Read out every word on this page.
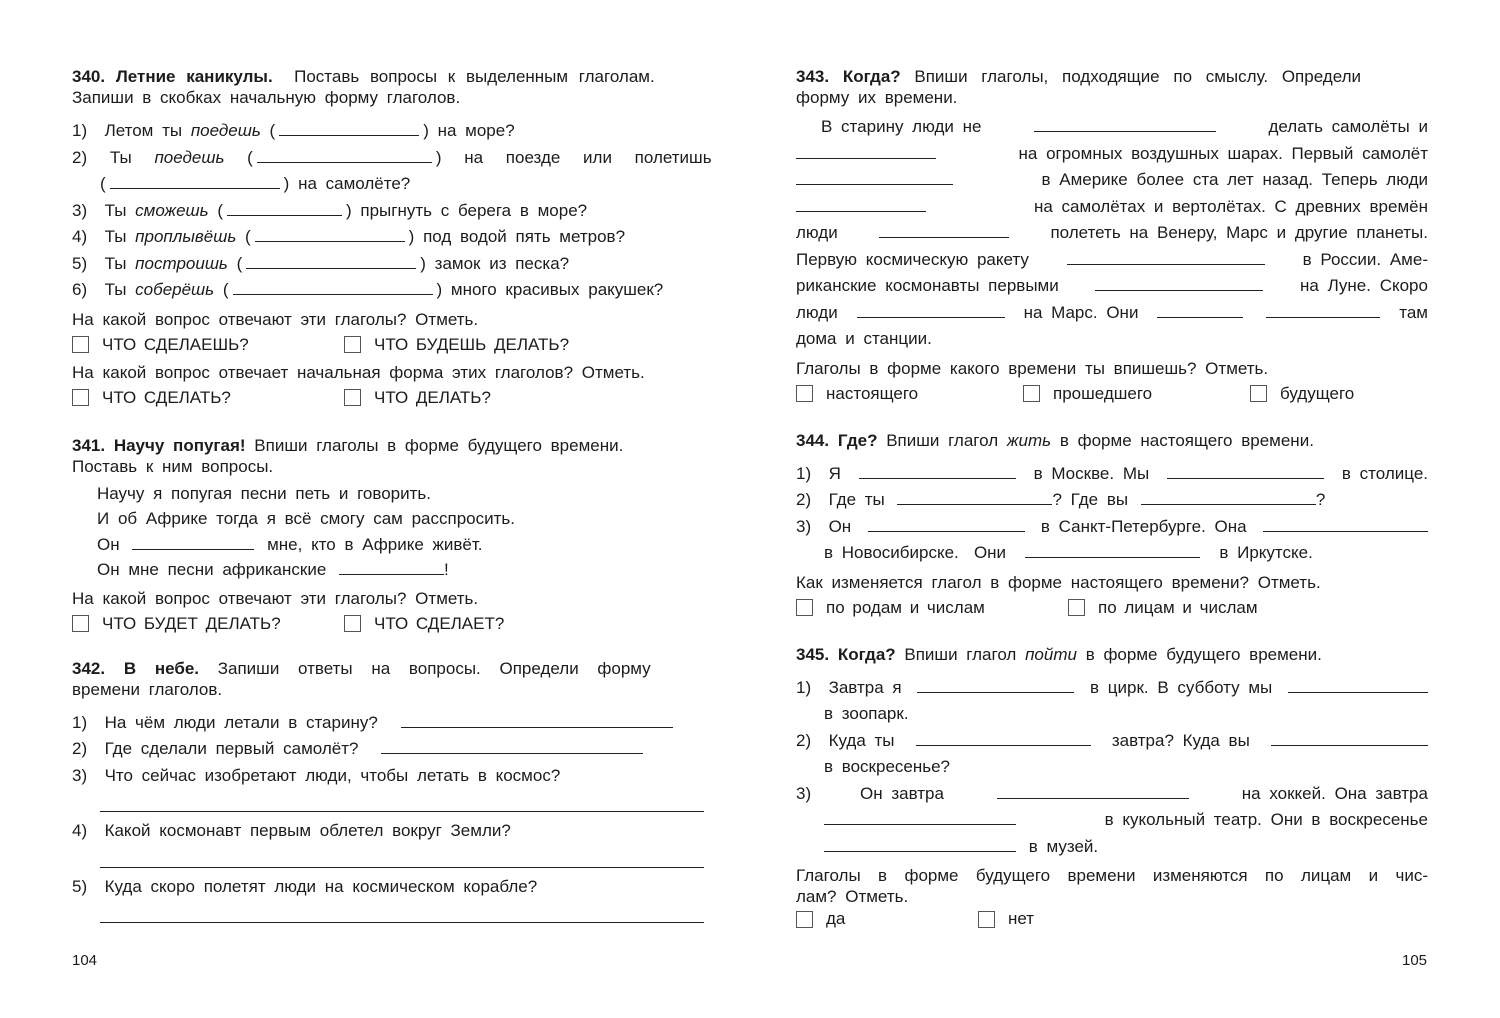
340. Летние каникулы. Поставь вопросы к выделенным глаголам.
Запиши в скобках начальную форму глаголов.
1) Летом ты поедешь (	) на море?
2) Ты поедешь (	) на поезде или полетишь
(	) на самолёте?
3) Ты сможешь (	) прыгнуть с берега в море?
4) Ты проплывёшь (	) под водой пять метров?
5) Ты построишь (	) замок из песка?
6) Ты соберёшь (	) много красивых ракушек?
На какой вопрос отвечают эти глаголы? Отметь.
ЧТО СДЕЛАЕШЬ?	ЧТО БУДЕШЬ ДЕЛАТЬ?
На какой вопрос отвечает начальная форма этих глаголов? Отметь.
ЧТО СДЕЛАТЬ?	ЧТО ДЕЛАТЬ?
341. Научу попугая! Впиши глаголы в форме будущего времени.
Поставь к ним вопросы.
Научу я попугая песни петь и говорить.
И об Африке тогда я всё смогу сам расспросить.
Он	мне, кто в Африке живёт.
Он мне песни африканские	!
На какой вопрос отвечают эти глаголы? Отметь.
ЧТО БУДЕТ ДЕЛАТЬ?	ЧТО СДЕЛАЕТ?
342. В небе. Запиши ответы на вопросы. Определи форму
времени глаголов.
1) На чём люди летали в старину?
2) Где сделали первый самолёт?
3) Что сейчас изобретают люди, чтобы летать в космос?
4) Какой космонавт первым облетел вокруг Земли?
5) Куда скоро полетят люди на космическом корабле?
104
343. Когда? Впиши глаголы, подходящие по смыслу. Определи
форму их времени.
В старину люди не	делать самолёты и
на огромных воздушных шарах. Первый самолёт
в Америке более ста лет назад. Теперь люди
на самолётах и вертолётах. С древних времён
люди	полететь на Венеру, Марс и другие планеты.
Первую космическую ракету	в России. Аме-
риканские космонавты первыми	на Луне. Скоро
люди	на Марс. Они	там
дома и станции.
Глаголы в форме какого времени ты впишешь? Отметь.
настоящего	прошедшего	будущего
344. Где? Впиши глагол жить в форме настоящего времени.
1) Я	в Москве. Мы	в столице.
2) Где ты	? Где вы	?
3) Он	в Санкт-Петербурге. Она
в Новосибирске. Они	в Иркутске.
Как изменяется глагол в форме настоящего времени? Отметь.
по родам и числам	по лицам и числам
345. Когда? Впиши глагол пойти в форме будущего времени.
1) Завтра я	в цирк. В субботу мы
в зоопарк.
2) Куда ты	завтра? Куда вы
в воскресенье?
3)	Он завтра	на хоккей. Она завтра
в кукольный театр. Они в воскресенье
в музей.
Глаголы в форме будущего времени изменяются по лицам и чис-
лам? Отметь.
да	нет
105
